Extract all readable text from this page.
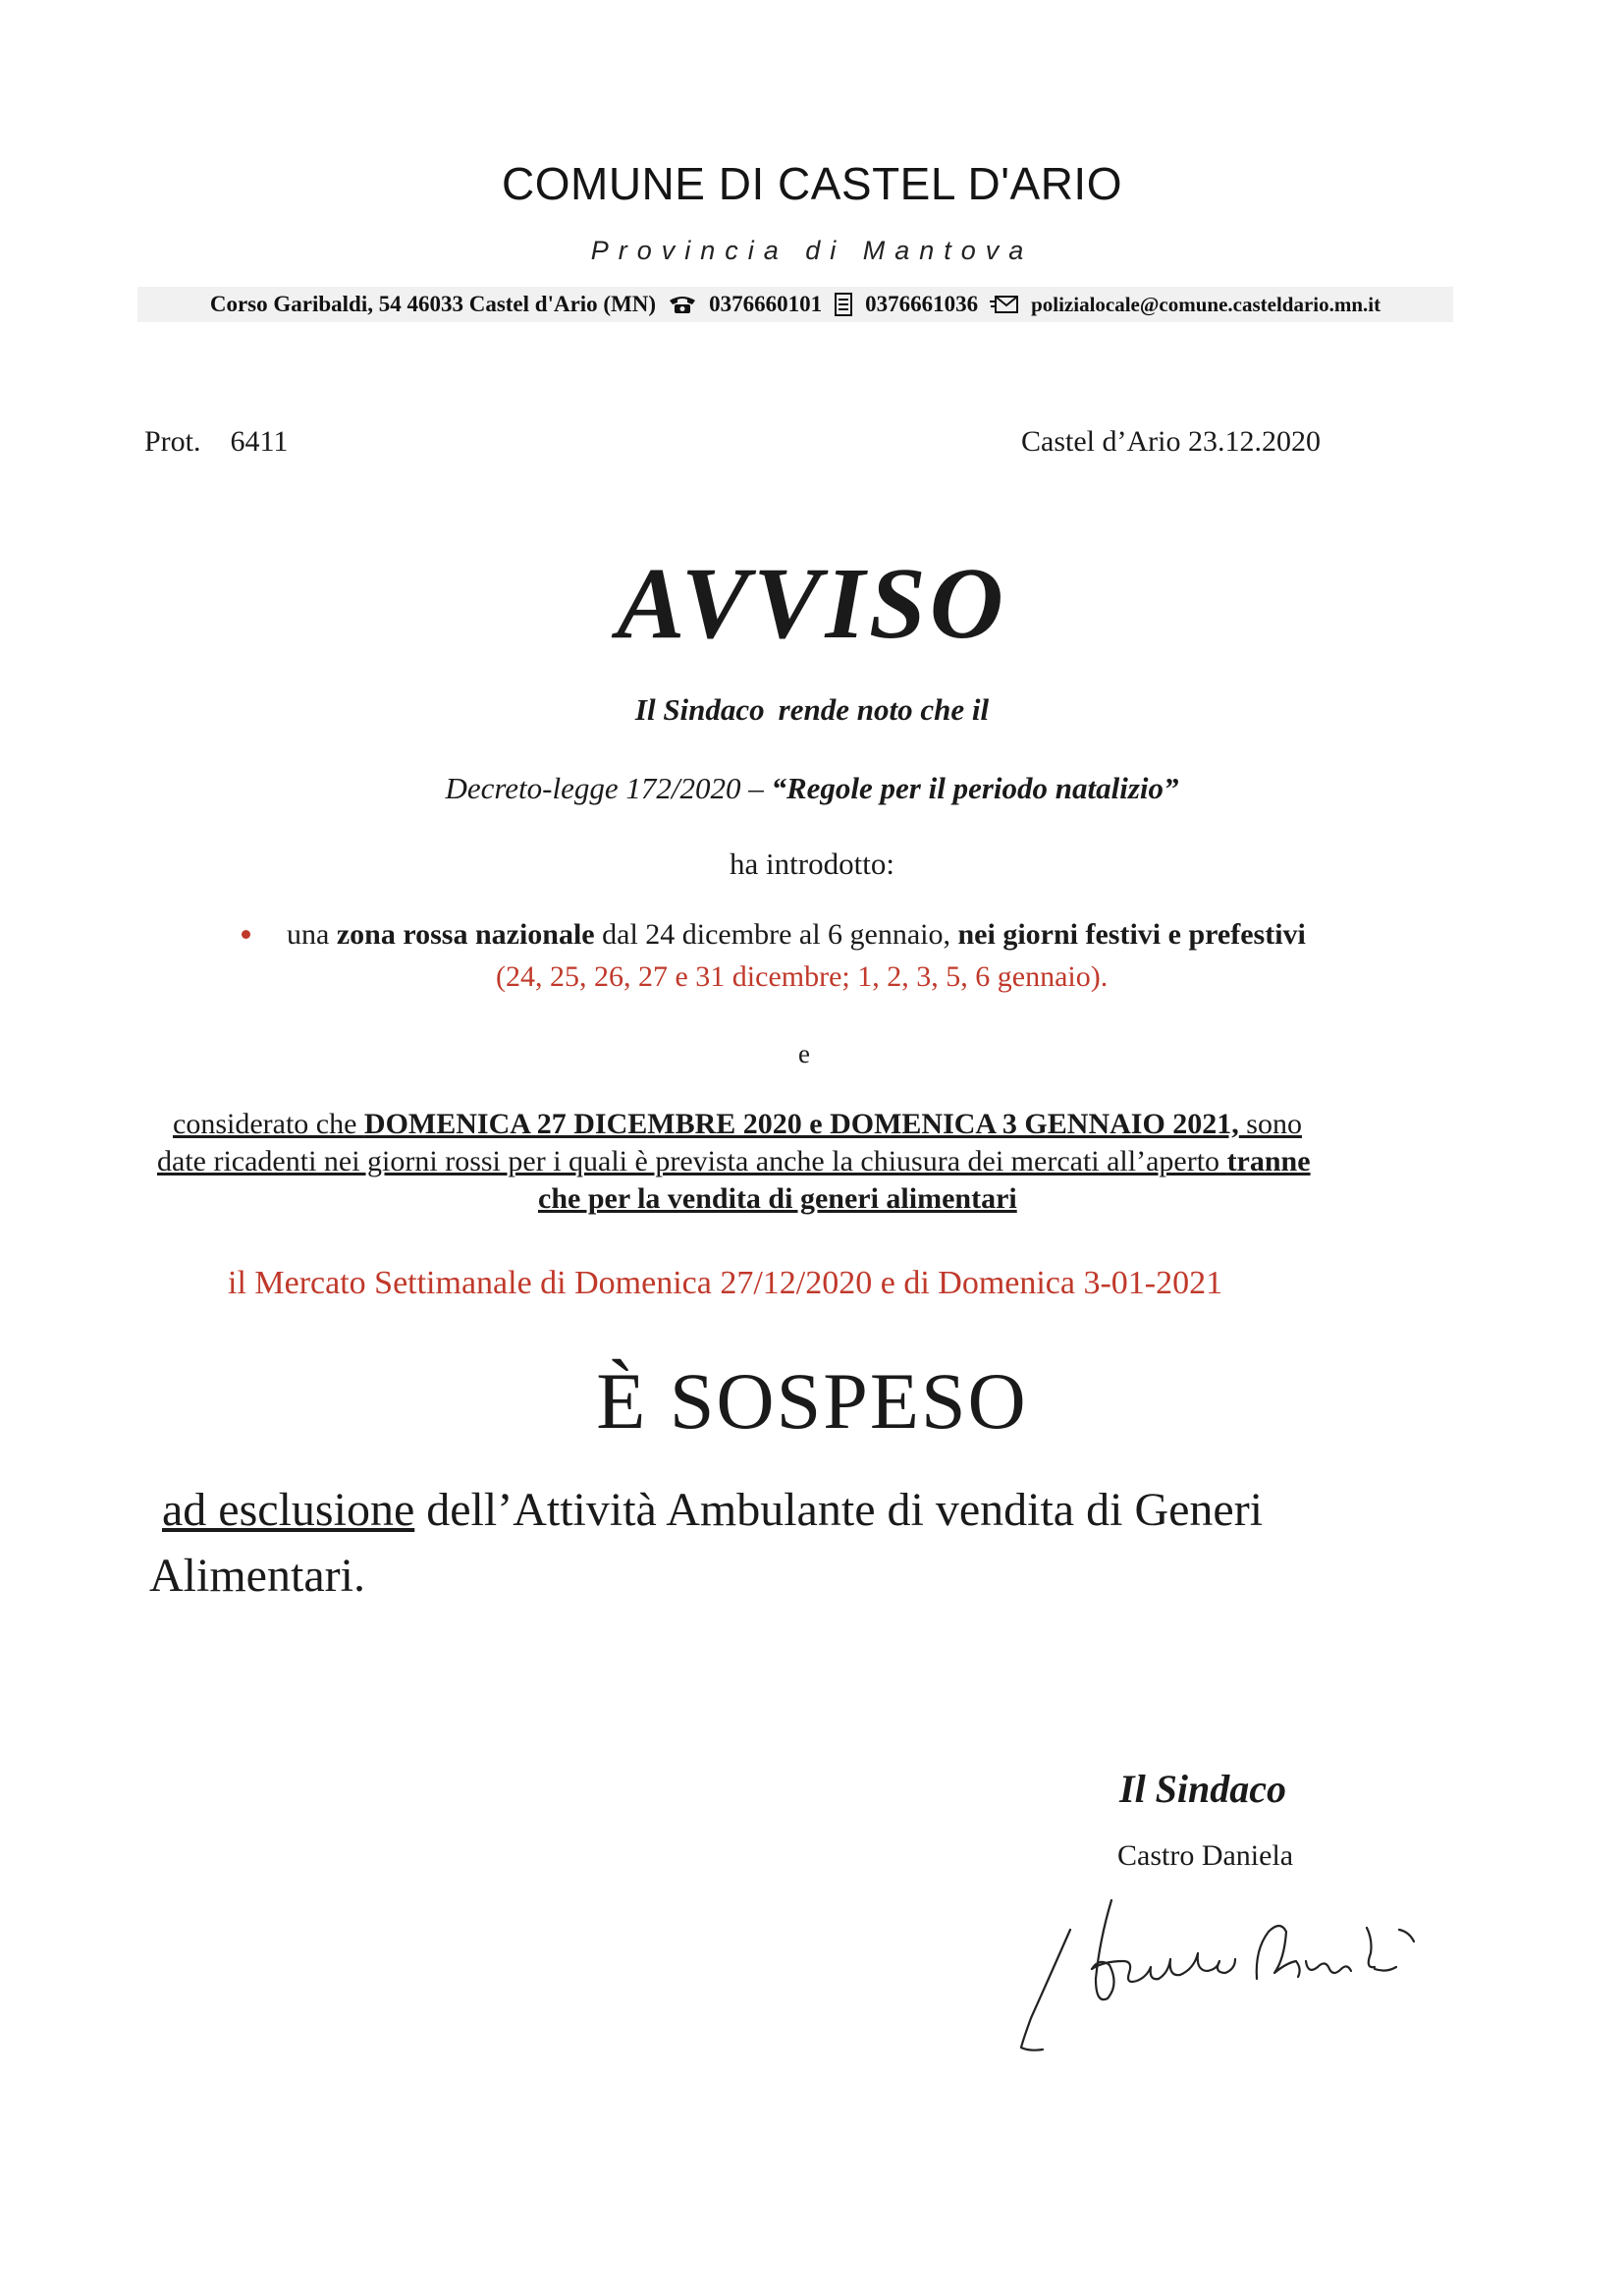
COMUNE DI CASTEL D'ARIO
Provincia di Mantova
Corso Garibaldi, 54 46033 Castel d'Ario (MN) 0376660101 0376661036	polizialocale@comune.casteldario.mn.it
Prot. 6411	Castel d’Ario 23.12.2020
AVVISO
Il Sindaco rende noto che il
Decreto-legge 172/2020 – “Regole per il periodo natalizio”
ha introdotto:
una zona rossa nazionale dal 24 dicembre al 6 gennaio, nei giorni festivi e prefestivi
(24, 25, 26, 27 e 31 dicembre; 1, 2, 3, 5, 6 gennaio).
e
considerato che DOMENICA 27 DICEMBRE 2020 e DOMENICA 3 GENNAIO 2021, sono
date ricadenti nei giorni rossi per i quali è prevista anche la chiusura dei mercati all’aperto tranne
che per la vendita di generi alimentari
il Mercato Settimanale di Domenica 27/12/2020 e di Domenica 3-01-2021
È SOSPESO
ad esclusione dell’Attività Ambulante di vendita di Generi
Alimentari.
Il Sindaco
Castro Daniela
